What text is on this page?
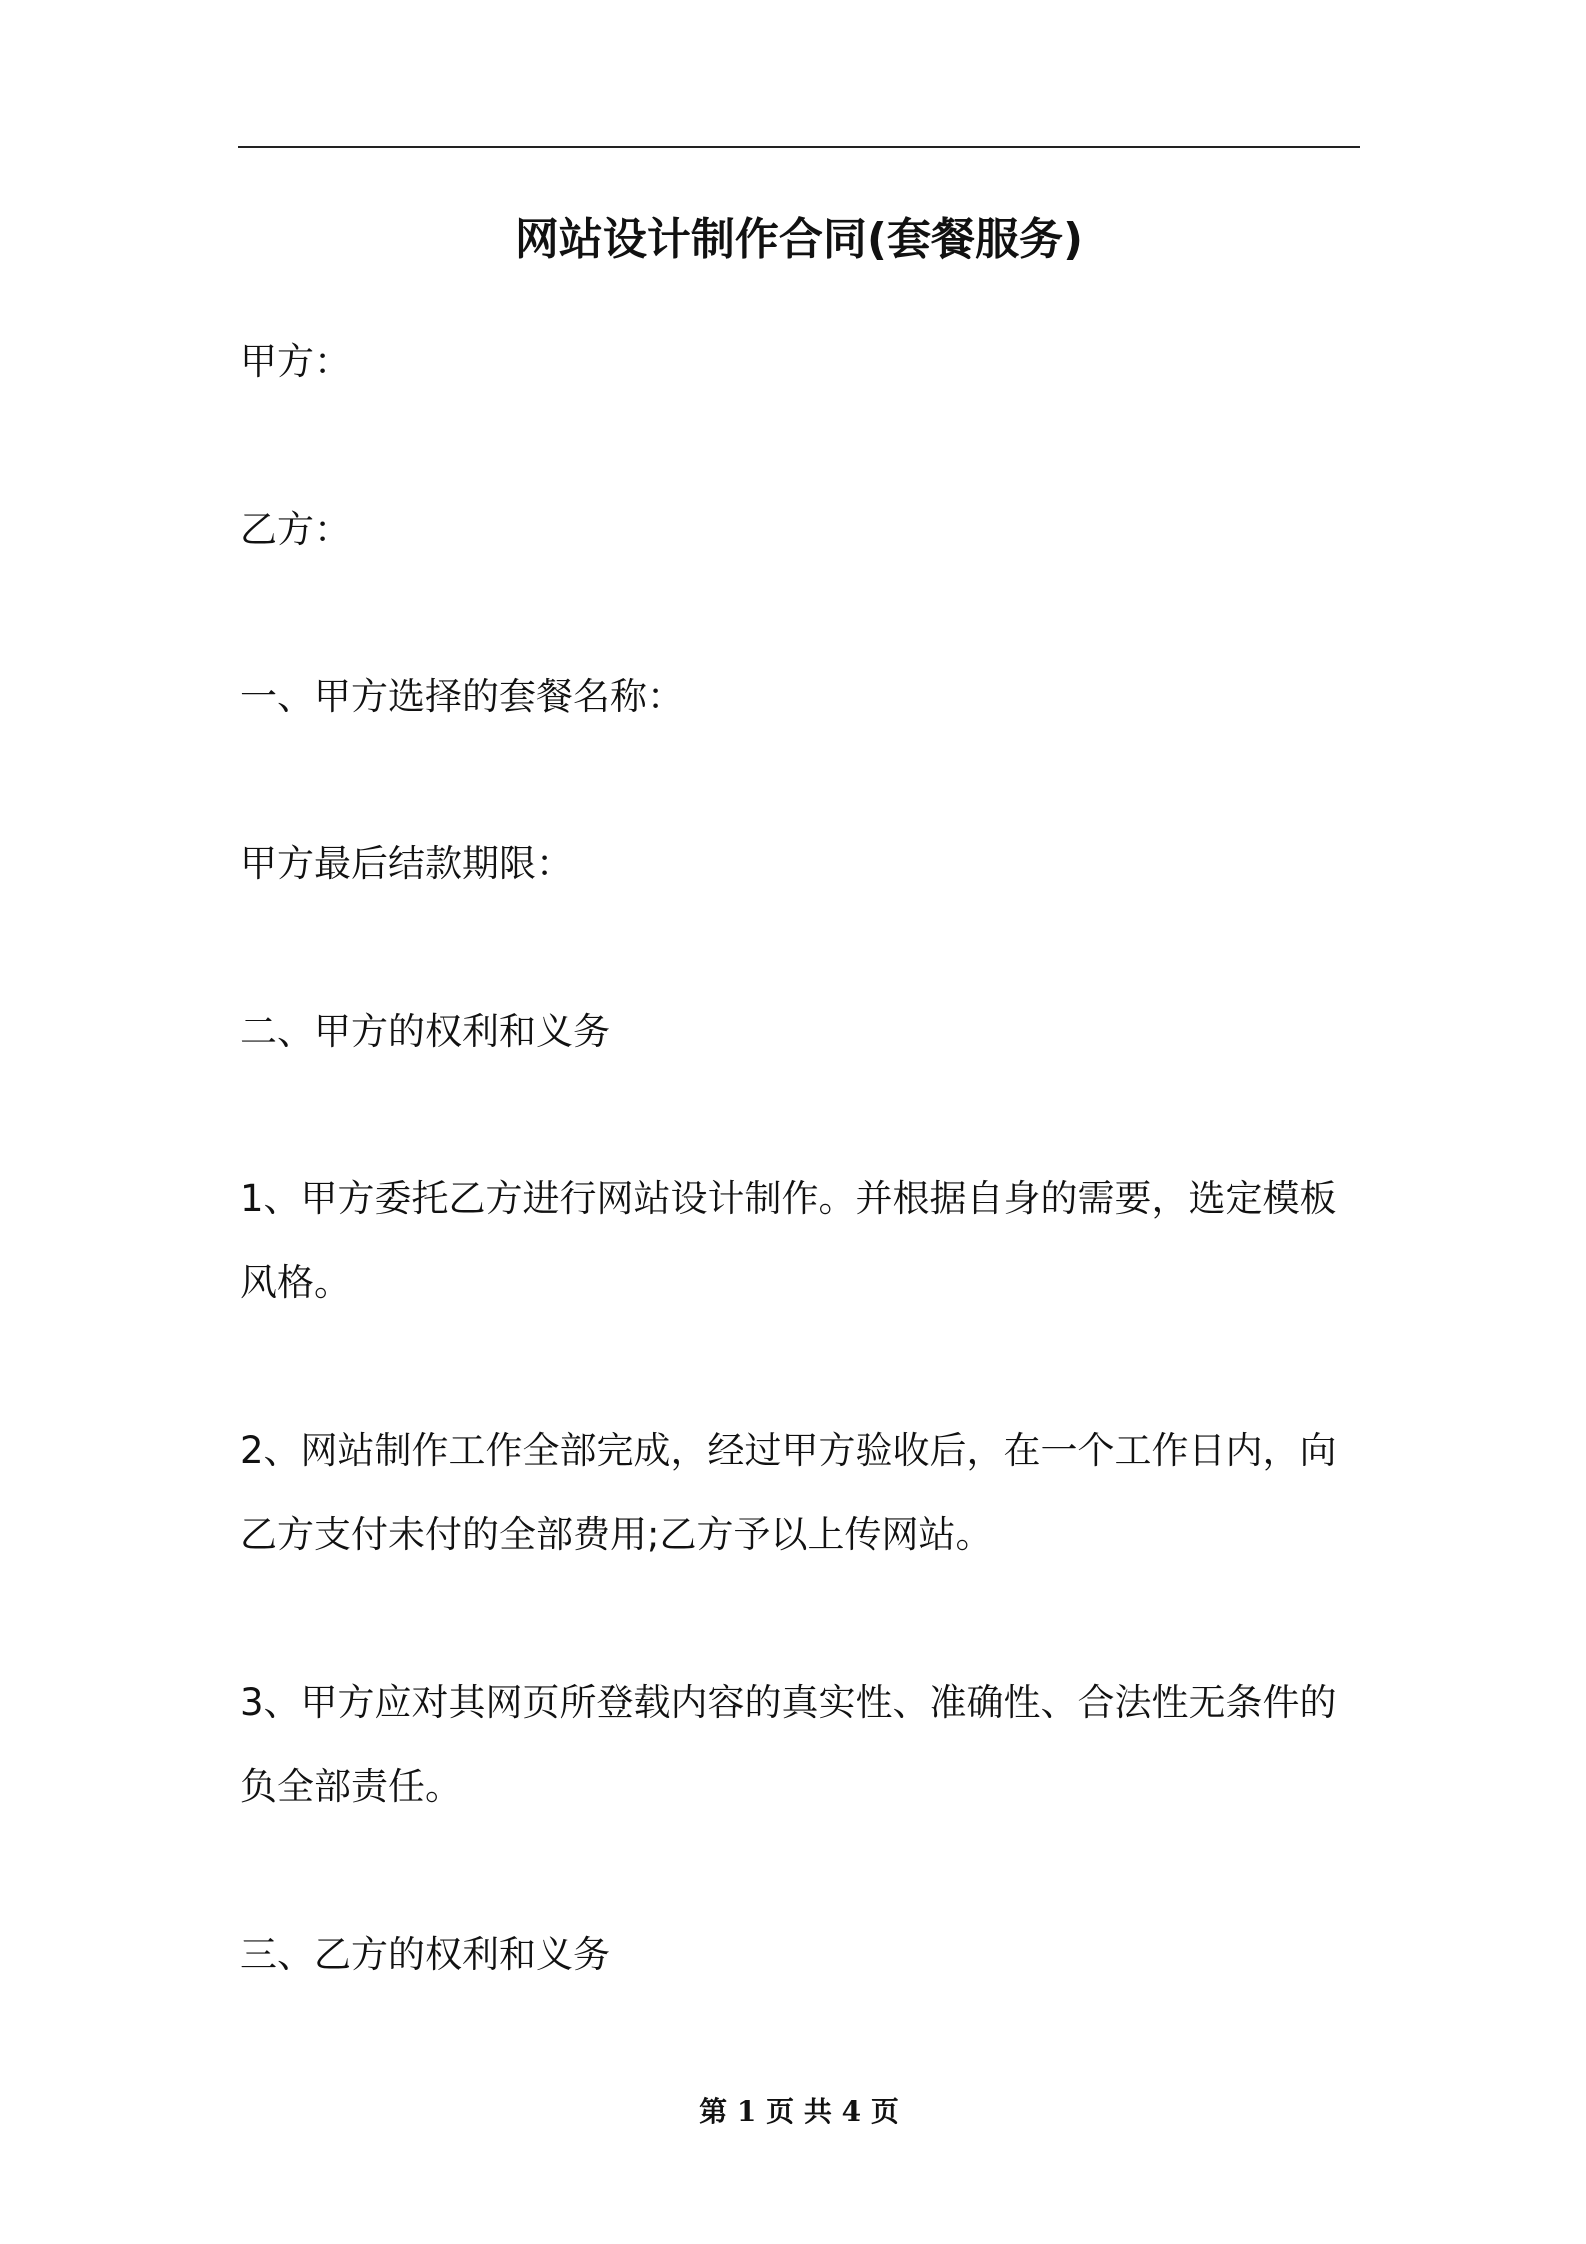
网站设计制作合同(套餐服务)
甲方：
乙方：
一、甲方选择的套餐名称：
甲方最后结款期限：
二、甲方的权利和义务
1、甲方委托乙方进行网站设计制作。并根据自身的需要，选定模板
风格。
2、网站制作工作全部完成，经过甲方验收后，在一个工作日内，向
乙方支付未付的全部费用;乙方予以上传网站。
3、甲方应对其网页所登载内容的真实性、准确性、合法性无条件的
负全部责任。
三、乙方的权利和义务
第 1 页 共 4 页
